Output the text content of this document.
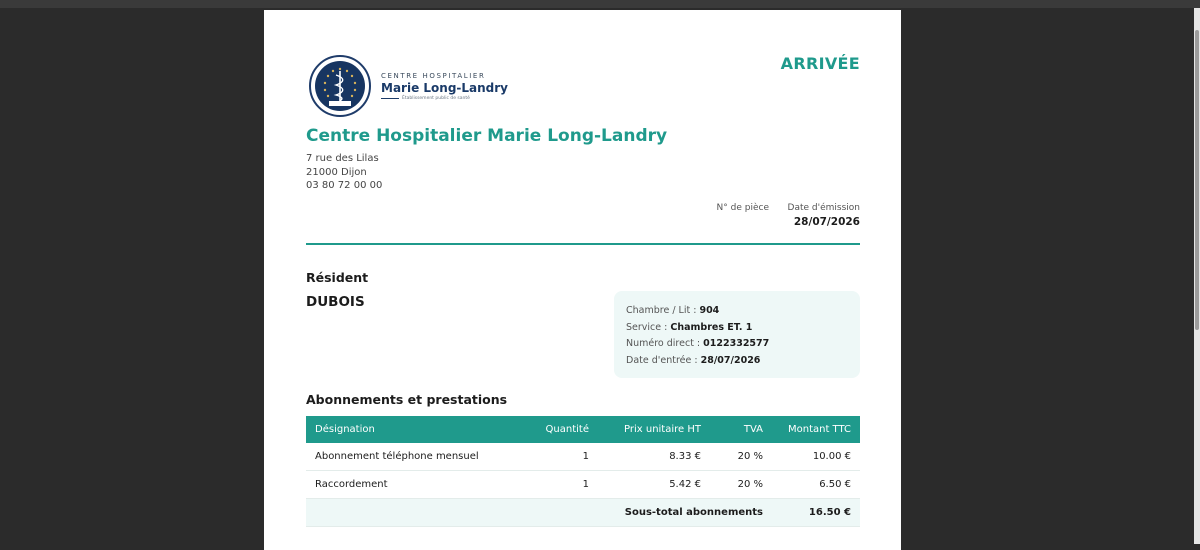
CENTRE HOSPITALIER
Marie Long-Landry
Établissement public de santé
ARRIVÉE
Centre Hospitalier Marie Long-Landry
7 rue des Lilas
21000 Dijon
03 80 72 00 00
N° de pièce	Date d'émission
28/07/2026
Résident
DUBOIS
Chambre / Lit : 904
Service : Chambres ET. 1
Numéro direct : 0122332577
Date d'entrée : 28/07/2026
Abonnements et prestations
Désignation	Quantité	Prix unitaire HT	TVA	Montant TTC
Abonnement téléphone mensuel	1	8.33 €	20 %	10.00 €
Raccordement	1	5.42 €	20 %	6.50 €
Sous-total abonnements				16.50 €
